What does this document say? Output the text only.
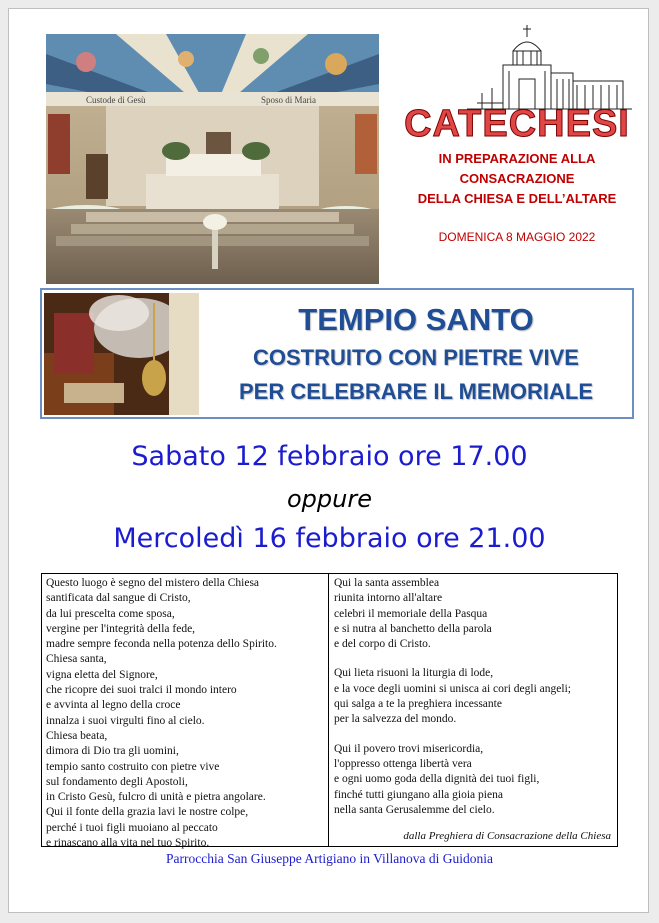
Custode di Gesù	Sposo di Maria
CATECHESI
IN PREPARAZIONE ALLA
CONSACRAZIONE
DELLA CHIESA E DELL’ALTARE
DOMENICA 8 MAGGIO 2022
TEMPIO SANTO
COSTRUITO CON PIETRE VIVE
PER CELEBRARE IL MEMORIALE
Sabato 12 febbraio ore 17.00
oppure
Mercoledì 16 febbraio ore 21.00
Questo luogo è segno del mistero della Chiesa
santificata dal sangue di Cristo,
da lui prescelta come sposa,
vergine per l'integrità della fede,
madre sempre feconda nella potenza dello Spirito.
Chiesa santa,
vigna eletta del Signore,
che ricopre dei suoi tralci il mondo intero
e avvinta al legno della croce
innalza i suoi virgulti fino al cielo.
Chiesa beata,
dimora di Dio tra gli uomini,
tempio santo costruito con pietre vive
sul fondamento degli Apostoli,
in Cristo Gesù, fulcro di unità e pietra angolare.
Qui il fonte della grazia lavi le nostre colpe,
perché i tuoi figli muoiano al peccato
e rinascano alla vita nel tuo Spirito.
Qui la santa assemblea
riunita intorno all'altare
celebri il memoriale della Pasqua
e si nutra al banchetto della parola
e del corpo di Cristo.
Qui lieta risuoni la liturgia di lode,
e la voce degli uomini si unisca ai cori degli angeli;
qui salga a te la preghiera incessante
per la salvezza del mondo.
Qui il povero trovi misericordia,
l'oppresso ottenga libertà vera
e ogni uomo goda della dignità dei tuoi figli,
finché tutti giungano alla gioia piena
nella santa Gerusalemme del cielo.
dalla Preghiera di Consacrazione della Chiesa
Parrocchia San Giuseppe Artigiano in Villanova di Guidonia
